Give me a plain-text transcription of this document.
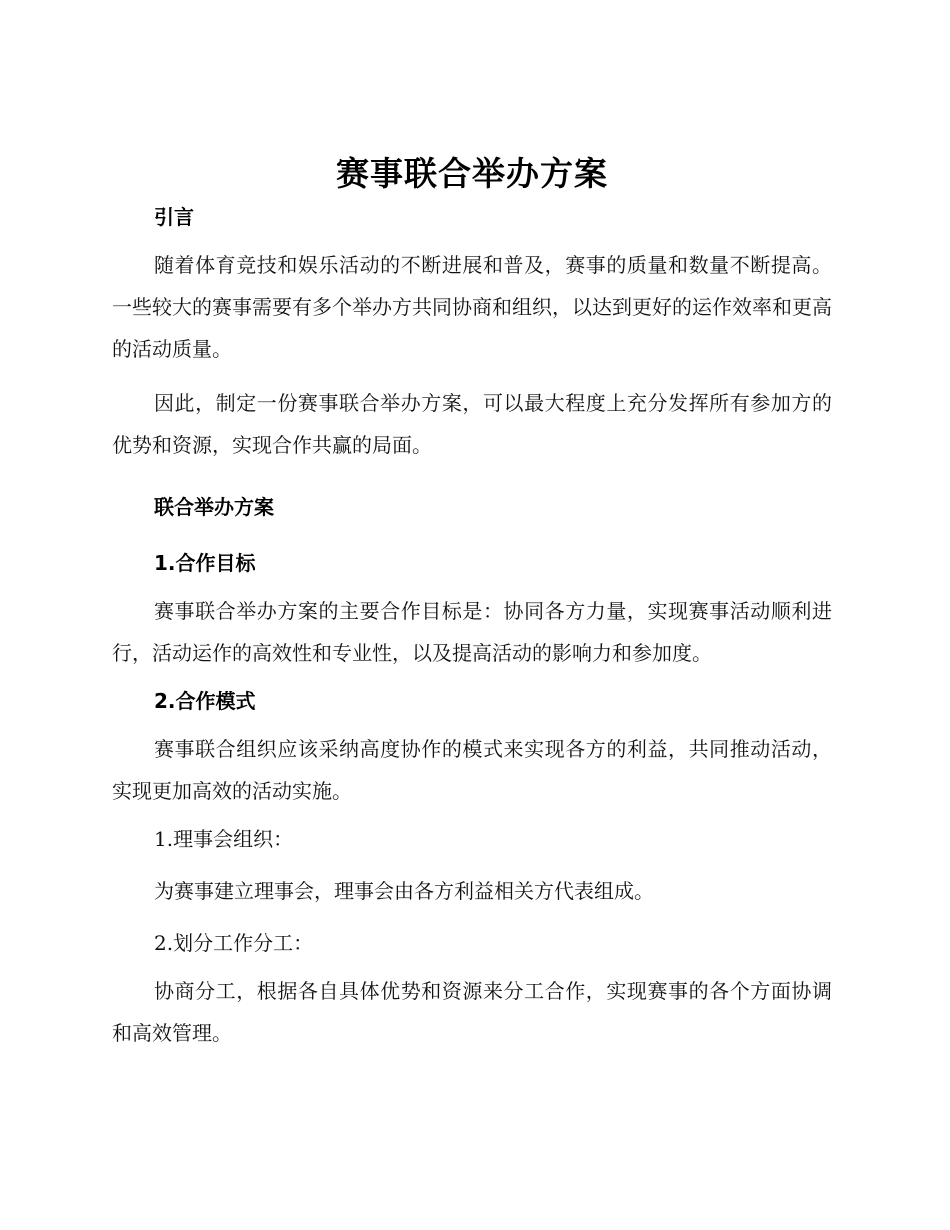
赛事联合举办方案
引言

随着体育竞技和娱乐活动的不断进展和普及，赛事的质量和数量不断提高。一些较大的赛事需要有多个举办方共同协商和组织，以达到更好的运作效率和更高的活动质量。

因此，制定一份赛事联合举办方案，可以最大程度上充分发挥所有参加方的优势和资源，实现合作共赢的局面。

联合举办方案
1.合作目标

赛事联合举办方案的主要合作目标是：协同各方力量，实现赛事活动顺利进行，活动运作的高效性和专业性，以及提高活动的影响力和参加度。

2.合作模式

赛事联合组织应该采纳高度协作的模式来实现各方的利益，共同推动活动，实现更加高效的活动实施。

1.理事会组织：

为赛事建立理事会，理事会由各方利益相关方代表组成。

2.划分工作分工：

协商分工，根据各自具体优势和资源来分工合作，实现赛事的各个方面协调和高效管理。
